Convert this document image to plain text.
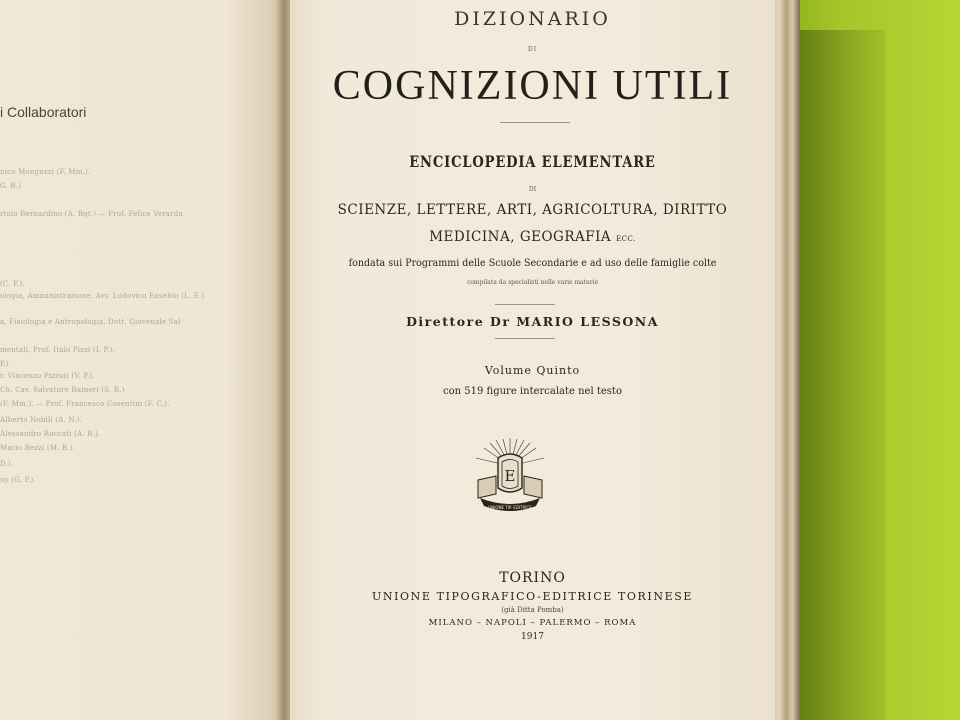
i Collaboratori
nico Monguzzi (F. Mm.).
G. B.)
rtolo Bernardino (A. Bgt.) — Prof. Felice Verarda
(C. F.).
ologia, Amministrazione, Avv. Ludovico Eusebio (L. E.)
a, Fisiologia e Antropologia, Dott. Giovenale Sal-
mentali, Prof. Italo Pizzi (I. P.).
P.).
r. Vincenzo Pizzuti (V. P.).
Ch. Cav. Salvatore Raineri (S. R.)
(F. Mm.). — Prof. Francesco Cosentini (F. C.).
Alberto Nobili (A. N.).
Alessandro Roccati (A. R.).
Mario Bezzi (M. B.).
D.).
ny (G. P.).
DIZIONARIO
DI
COGNIZIONI UTILI
ENCICLOPEDIA ELEMENTARE
DI
SCIENZE, LETTERE, ARTI, AGRICOLTURA, DIRITTO
MEDICINA, GEOGRAFIA ECC.
fondata sui Programmi delle Scuole Secondarie e ad uso delle famiglie colte
compilata da specialisti nelle varie materie
Direttore Dr MARIO LESSONA
Volume Quinto
con 519 figure intercalate nel testo
E
UNIONE TIP. EDITRICE
TORINO
UNIONE TIPOGRAFICO-EDITRICE TORINESE
(già Ditta Pomba)
MILANO – NAPOLI – PALERMO – ROMA
1917
